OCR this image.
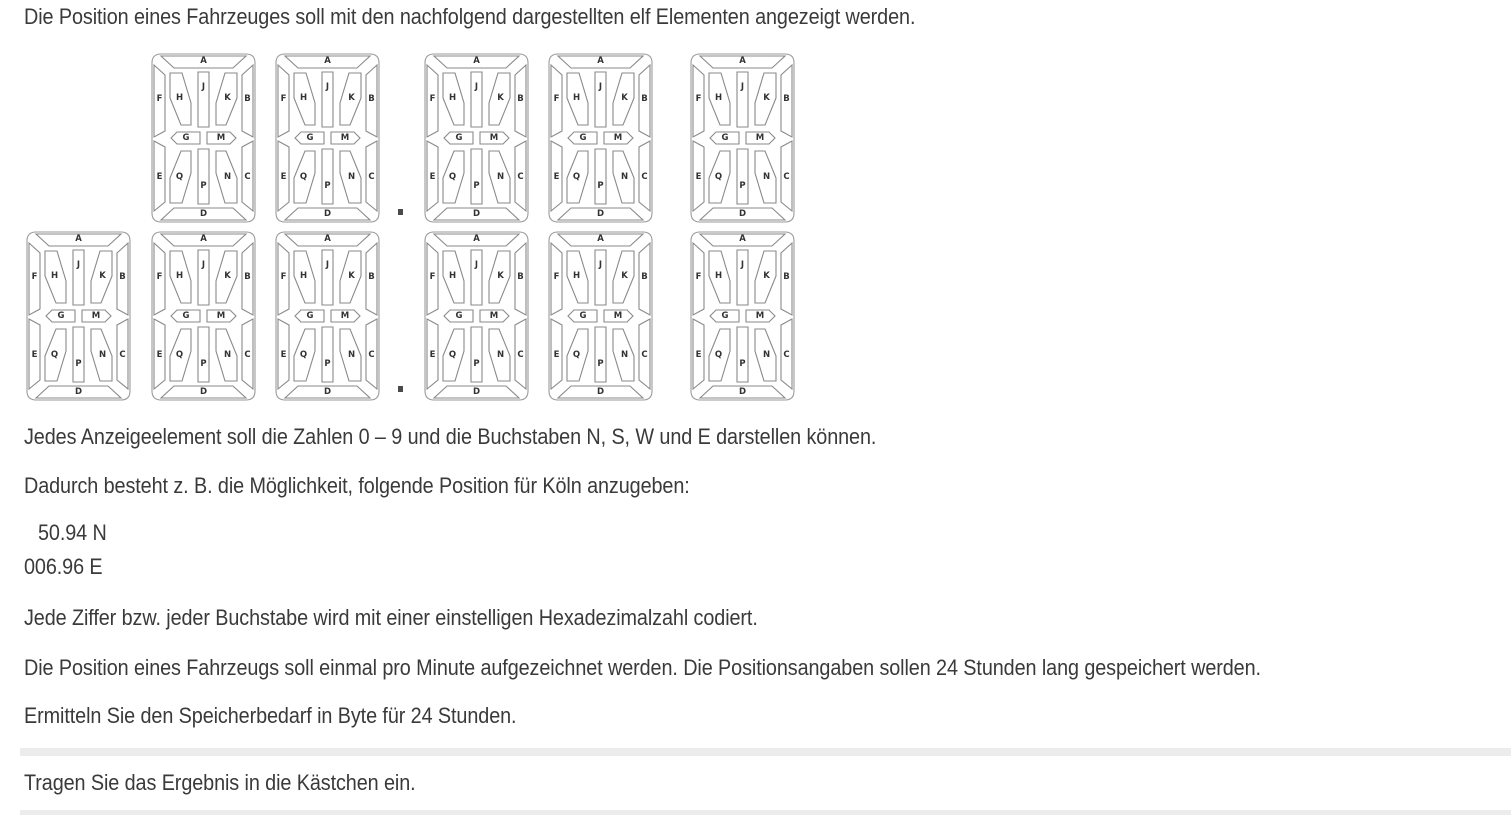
Die Position eines Fahrzeuges soll mit den nachfolgend dargestellten elf Elementen angezeigt werden.

Jedes Anzeigeelement soll die Zahlen 0 – 9 und die Buchstaben N, S, W und E darstellen können.

Dadurch besteht z. B. die Möglichkeit, folgende Position für Köln anzugeben:

50.94 N

006.96 E

Jede Ziffer bzw. jeder Buchstabe wird mit einer einstelligen Hexadezimalzahl codiert.

Die Position eines Fahrzeugs soll einmal pro Minute aufgezeichnet werden. Die Positionsangaben sollen 24 Stunden lang gespeichert werden.

Ermitteln Sie den Speicherbedarf in Byte für 24 Stunden.

Tragen Sie das Ergebnis in die Kästchen ein.

A
D
F	B
E	C
H
J
K
G	M
Q
P
N
A
D
F	B
E	C
H
J
K
G	M
Q
P
N
A
D
F	B
E	C
H
J
K
G	M
Q
P
N
A
D
F	B
E	C
H
J
K
G	M
Q
P
N
A
D
F	B
E	C
H
J
K
G	M
Q
P
N
A
D
F	B
E	C
H
J
K
G	M
Q
P
N
A
D
F	B
E	C
H
J
K
G	M
Q
P
N
A
D
F	B
E	C
H
J
K
G	M
Q
P
N
A
D
F	B
E	C
H
J
K
G	M
Q
P
N
A
D
F	B
E	C
H
J
K
G	M
Q
P
N
A
D
F	B
E	C
H
J
K
G	M
Q
P
N
